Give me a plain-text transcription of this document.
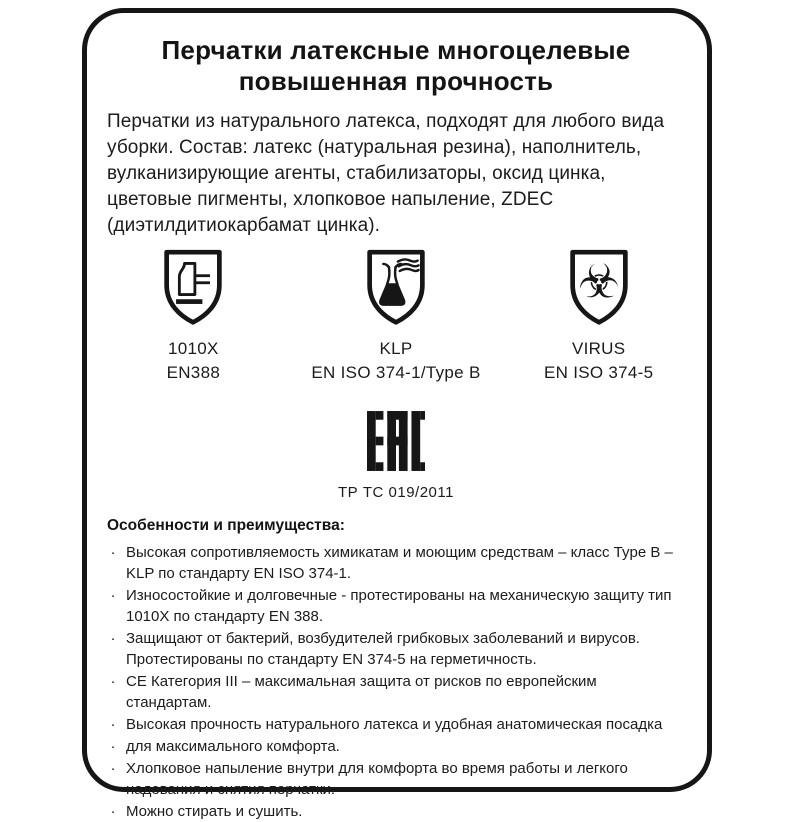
Перчатки латексные многоцелевые
повышенная прочность
Перчатки из натурального латекса, подходят для любого вида уборки. Состав: латекс (натуральная резина), наполнитель, вулканизирующие агенты, стабилизаторы, оксид цинка, цветовые пигменты, хлопковое напыление, ZDEC (диэтилдитиокарбамат цинка).
1010X
EN388
KLP
EN ISO 374-1/Type B
☣
VIRUS
EN ISO 374-5
ТР ТС 019/2011
Особенности и преимущества:
· Высокая сопротивляемость химикатам и моющим средствам – класс Type B – KLP по стандарту EN ISO 374-1.
· Износостойкие и долговечные - протестированы на механическую защиту тип 1010X по стандарту EN 388.
· Защищают от бактерий, возбудителей грибковых заболеваний и вирусов. Протестированы по стандарту EN 374-5 на герметичность.
· CE Категория III – максимальная защита от рисков по европейским стандартам.
· Высокая прочность натурального латекса и удобная анатомическая посадка
· для максимального комфорта.
· Хлопковое напыление внутри для комфорта во время работы и легкого надевания и снятия перчатки.
· Можно стирать и сушить.
